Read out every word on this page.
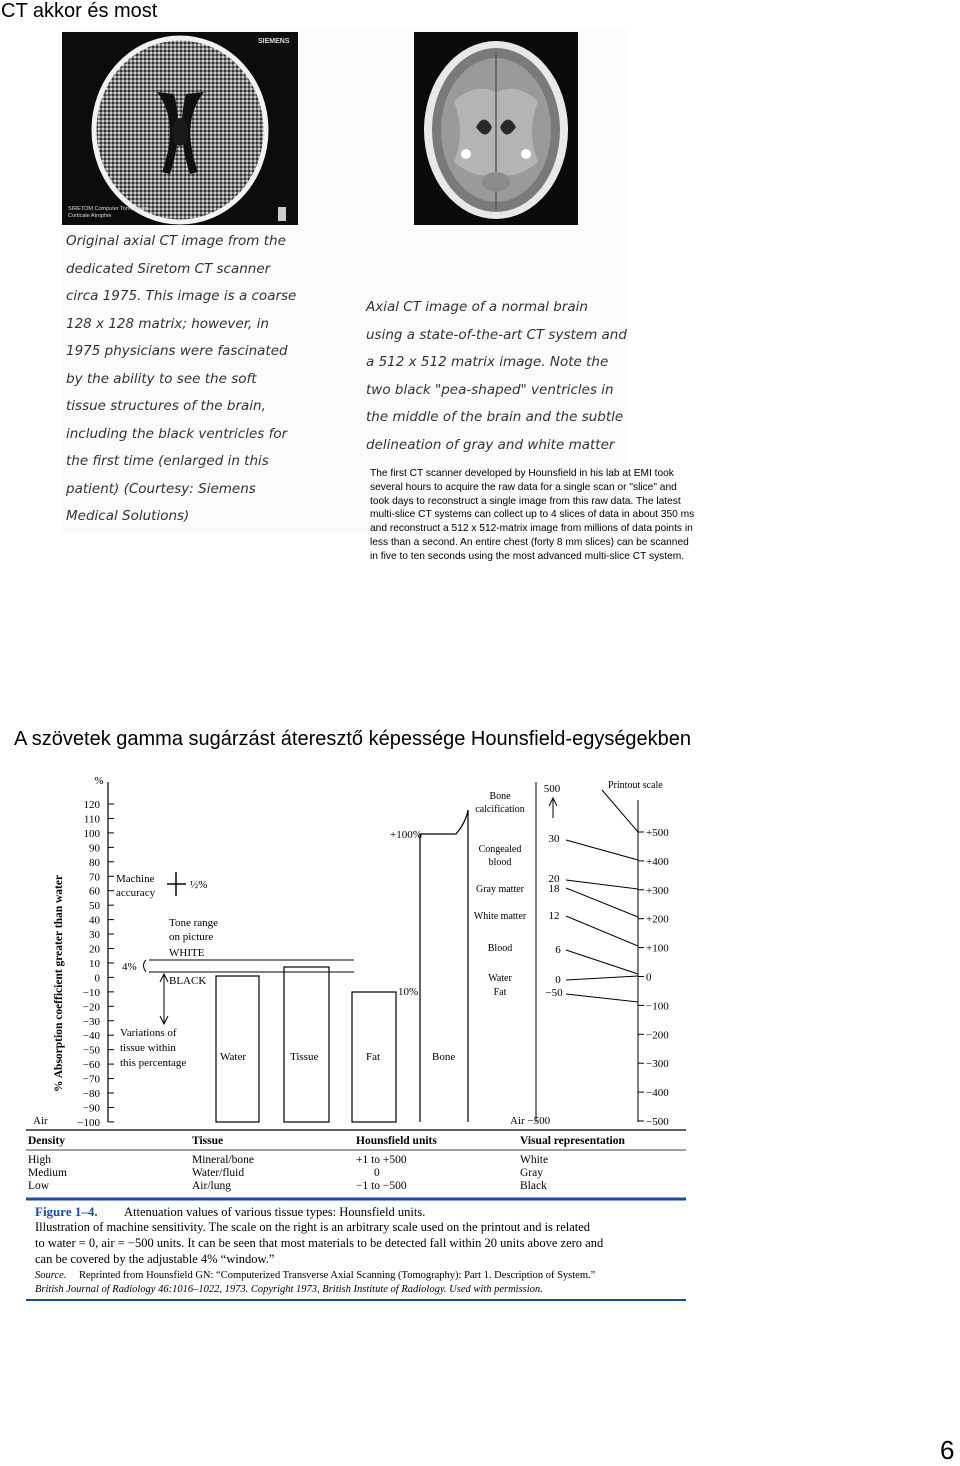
CT akkor és most
SIEMENS
SIRETOM Computer Tomograms
Corticale Atrophie
Original axial CT image from the dedicated Siretom CT scanner circa 1975. This image is a coarse 128 x 128 matrix; however, in 1975 physicians were fascinated by the ability to see the soft tissue structures of the brain, including the black ventricles for the first time (enlarged in this patient) (Courtesy: Siemens Medical Solutions)
Axial CT image of a normal brain using a state-of-the-art CT system and a 512 x 512 matrix image. Note the two black "pea-shaped" ventricles in the middle of the brain and the subtle delineation of gray and white matter
The first CT scanner developed by Hounsfield in his lab at EMI took several hours to acquire the raw data for a single scan or "slice" and took days to reconstruct a single image from this raw data. The latest multi-slice CT systems can collect up to 4 slices of data in about 350 ms and reconstruct a 512 x 512-matrix image from millions of data points in less than a second. An entire chest (forty 8 mm slices) can be scanned in five to ten seconds using the most advanced multi-slice CT system.
A szövetek gamma sugárzást áteresztő képessége Hounsfield-egységekben
120
110
100
90
80
70
60
50
40
30
20
10
0
−10
−20
−30
−40
−50
−60
−70
−80
−90
−100
%
% Absorption coefficient greater than water
Air
Machine
accuracy
½%
Tone range
on picture
WHITE
BLACK
4%
Variations of
tissue within
this percentage	Water	Tissue	Fat	Bone
10%
+100%
Bone
calcification
Congealed
blood
Gray matter
White matter
Blood
Water
Fat
500
30
20
18
12
6
0
−50
Air −500
Printout scale
+500
+400
+300
+200
+100
0
−100
−200
−300
−400
−500
Density	Tissue	Hounsfield units	Visual representation
High	Mineral/bone	+1 to +500	White
Medium	Water/fluid	0	Gray
Low	Air/lung	−1 to −500	Black
Figure 1–4. Attenuation values of various tissue types: Hounsfield units.
Illustration of machine sensitivity. The scale on the right is an arbitrary scale used on the printout and is related
to water = 0, air = −500 units. It can be seen that most materials to be detected fall within 20 units above zero and
can be covered by the adjustable 4% “window.”
Source. Reprinted from Hounsfield GN: “Computerized Transverse Axial Scanning (Tomography): Part 1. Description of System.”
British Journal of Radiology 46:1016–1022, 1973. Copyright 1973, British Institute of Radiology. Used with permission.
6
